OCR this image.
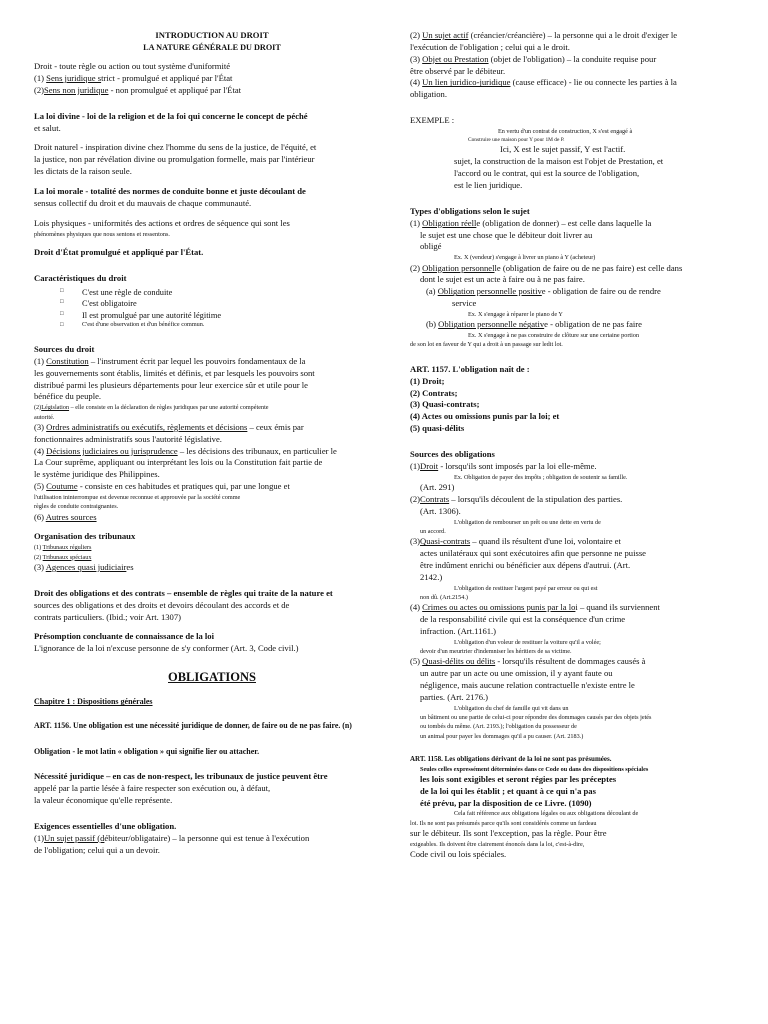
INTRODUCTION AU DROIT

LA NATURE GÉNÉRALE DU DROIT

Droit - toute règle ou action ou tout système d'uniformité

(1) Sens juridique strict - promulgué et appliqué par l'État

(2)Sens non juridique - non promulgué et appliqué par l'État

La loi divine - loi de la religion et de la foi qui concerne le concept de péché

et salut.

Droit naturel - inspiration divine chez l'homme du sens de la justice, de l'équité, et

la justice, non par révélation divine ou promulgation formelle, mais par l'intérieur

les dictats de la raison seule.

La loi morale - totalité des normes de conduite bonne et juste découlant de

sensus collectif du droit et du mauvais de chaque communauté.

Lois physiques - uniformités des actions et ordres de séquence qui sont les

phénomènes physiques que nous sentons et ressentons.

Droit d'État promulgué et appliqué par l'État.

Caractéristiques du droit

□ C'est une règle de conduite
□ C'est obligatoire
□ Il est promulgué par une autorité légitime
□ C'est d'une observation et d'un bénéfice commun.

Sources du droit

(1) Constitution – l'instrument écrit par lequel les pouvoirs fondamentaux de la

les gouvernements sont établis, limités et définis, et par lesquels les pouvoirs sont

distribué parmi les plusieurs départements pour leur exercice sûr et utile pour le

bénéfice du peuple.

(2)Législation – elle consiste en la déclaration de règles juridiques par une autorité compétente

autorité.

(3) Ordres administratifs ou exécutifs, règlements et décisions – ceux émis par

fonctionnaires administratifs sous l'autorité législative.

(4) Décisions judiciaires ou jurisprudence – les décisions des tribunaux, en particulier le

La Cour suprême, appliquant ou interprétant les lois ou la Constitution fait partie de

le système juridique des Philippines.

(5) Coutume - consiste en ces habitudes et pratiques qui, par une longue et

l'utilisation ininterrompue est devenue reconnue et approuvée par la société comme

règles de conduite contraignantes.

(6) Autres sources

Organisation des tribunaux

(1) Tribunaux réguliers

(2) Tribunaux spéciaux

(3) Agences quasi judiciaires

Droit des obligations et des contrats – ensemble de règles qui traite de la nature et

sources des obligations et des droits et devoirs découlant des accords et de

contrats particuliers. (Ibid.; voir Art. 1307)

Présomption concluante de connaissance de la loi

L'ignorance de la loi n'excuse personne de s'y conformer (Art. 3, Code civil.)

OBLIGATIONS

Chapitre 1 : Dispositions générales

ART. 1156. Une obligation est une nécessité juridique de donner, de faire ou de ne pas faire. (n)

Obligation - le mot latin « obligation » qui signifie lier ou attacher.

Nécessité juridique – en cas de non-respect, les tribunaux de justice peuvent être

appelé par la partie lésée à faire respecter son exécution ou, à défaut,

la valeur économique qu'elle représente.

Exigences essentielles d'une obligation.

(1)Un sujet passif (débiteur/obligataire) – la personne qui est tenue à l'exécution

de l'obligation; celui qui a un devoir.

(2) Un sujet actif (créancier/créancière) – la personne qui a le droit d'exiger le

l'exécution de l'obligation ; celui qui a le droit.

(3) Objet ou Prestation (objet de l'obligation) – la conduite requise pour

être observé par le débiteur.

(4) Un lien juridico-juridique (cause efficace) - lie ou connecte les parties à la

obligation.

EXEMPLE :

En vertu d'un contrat de construction, X s'est engagé à

Construire une maison pour Y pour 1M de P.

Ici, X est le sujet passif, Y est l'actif.

sujet, la construction de la maison est l'objet de Prestation, et

l'accord ou le contrat, qui est la source de l'obligation,

est le lien juridique.

Types d'obligations selon le sujet

(1) Obligation réelle (obligation de donner) – est celle dans laquelle la

le sujet est une chose que le débiteur doit livrer au

obligé

Ex. X (vendeur) s'engage à livrer un piano à Y (acheteur)

(2) Obligation personnelle (obligation de faire ou de ne pas faire) est celle dans

dont le sujet est un acte à faire ou à ne pas faire.

(a) Obligation personnelle positive - obligation de faire ou de rendre

service

Ex. X s'engage à réparer le piano de Y

(b) Obligation personnelle négative - obligation de ne pas faire

Ex. X s'engage à ne pas construire de clôture sur une certaine portion

de son lot en faveur de Y qui a droit à un passage sur ledit lot.

ART. 1157. L'obligation naît de :

(1) Droit;

(2) Contrats;

(3) Quasi-contrats;

(4) Actes ou omissions punis par la loi; et

(5) quasi-délits

Sources des obligations

(1)Droit - lorsqu'ils sont imposés par la loi elle-même.

Ex. Obligation de payer des impôts ; obligation de soutenir sa famille.

(Art. 291)

(2)Contrats – lorsqu'ils découlent de la stipulation des parties.

(Art. 1306).

L'obligation de rembourser un prêt ou une dette en vertu de

un accord.

(3)Quasi-contrats – quand ils résultent d'une loi, volontaire et

actes unilatéraux qui sont exécutoires afin que personne ne puisse

être indûment enrichi ou bénéficier aux dépens d'autrui. (Art.

2142.)

L'obligation de restituer l'argent payé par erreur ou qui est

non dû. (Art.2154.)

(4) Crimes ou actes ou omissions punis par la loi – quand ils surviennent

de la responsabilité civile qui est la conséquence d'un crime

infraction. (Art.1161.)

L'obligation d'un voleur de restituer la voiture qu'il a volée;

devoir d'un meurtrier d'indemniser les héritiers de sa victime.

(5) Quasi-délits ou délits - lorsqu'ils résultent de dommages causés à

un autre par un acte ou une omission, il y ayant faute ou

négligence, mais aucune relation contractuelle n'existe entre le

parties. (Art. 2176.)

L'obligation du chef de famille qui vit dans un

un bâtiment ou une partie de celui-ci pour répondre des dommages causés par des objets jetés

ou tombés du même. (Art. 2193.); l'obligation du possesseur de

un animal pour payer les dommages qu'il a pu causer. (Art. 2183.)

ART. 1158. Les obligations dérivant de la loi ne sont pas présumées.

Seules celles expressément déterminées dans ce Code ou dans des dispositions spéciales

les lois sont exigibles et seront régies par les préceptes

de la loi qui les établit ; et quant à ce qui n'a pas

été prévu, par la disposition de ce Livre. (1090)

Cela fait référence aux obligations légales ou aux obligations découlant de

loi. Ils ne sont pas présumés parce qu'ils sont considérés comme un fardeau

sur le débiteur. Ils sont l'exception, pas la règle. Pour être

exigeables. Ils doivent être clairement énoncés dans la loi, c'est-à-dire,

Code civil ou lois spéciales.
